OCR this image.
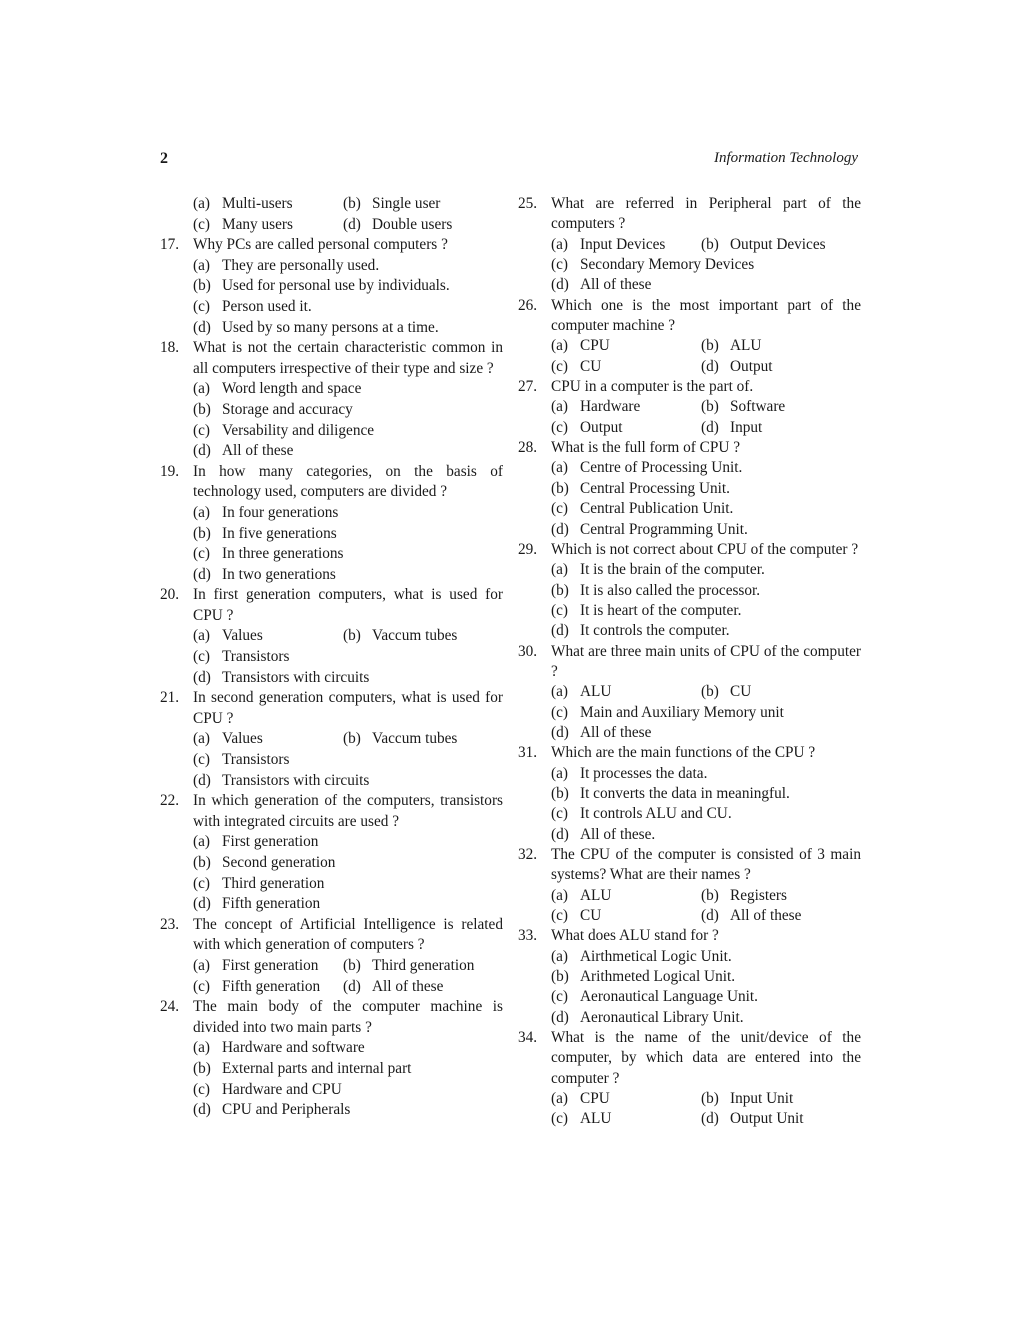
2	Information Technology
(a) Multi-users	(b) Single user
(c) Many users	(d) Double users
17. Why PCs are called personal computers ?
(a) They are personally used.
(b) Used for personal use by individuals.
(c) Person used it.
(d) Used by so many persons at a time.
18. What is not the certain characteristic common in all computers irrespective of their type and size ?
(a) Word length and space
(b) Storage and accuracy
(c) Versability and diligence
(d) All of these
19. In how many categories, on the basis of technology used, computers are divided ?
(a) In four generations
(b) In five generations
(c) In three generations
(d) In two generations
20. In first generation computers, what is used for CPU ?
(a) Values	(b) Vaccum tubes
(c) Transistors
(d) Transistors with circuits
21. In second generation computers, what is used for CPU ?
(a) Values	(b) Vaccum tubes
(c) Transistors
(d) Transistors with circuits
22. In which generation of the computers, transistors with integrated circuits are used ?
(a) First generation
(b) Second generation
(c) Third generation
(d) Fifth generation
23. The concept of Artificial Intelligence is related with which generation of computers ?
(a) First generation (b) Third generation
(c) Fifth generation (d) All of these
24. The main body of the computer machine is divided into two main parts ?
(a) Hardware and software
(b) External parts and internal part
(c) Hardware and CPU
(d) CPU and Peripherals
25. What are referred in Peripheral part of the computers ?
(a) Input Devices (b) Output Devices
(c) Secondary Memory Devices
(d) All of these
26. Which one is the most important part of the computer machine ?
(a) CPU	(b) ALU
(c) CU	(d) Output
27. CPU in a computer is the part of.
(a) Hardware	(b) Software
(c) Output	(d) Input
28. What is the full form of CPU ?
(a) Centre of Processing Unit.
(b) Central Processing Unit.
(c) Central Publication Unit.
(d) Central Programming Unit.
29. Which is not correct about CPU of the computer ?
(a) It is the brain of the computer.
(b) It is also called the processor.
(c) It is heart of the computer.
(d) It controls the computer.
30. What are three main units of CPU of the computer ?
(a) ALU	(b) CU
(c) Main and Auxiliary Memory unit
(d) All of these
31. Which are the main functions of the CPU ?
(a) It processes the data.
(b) It converts the data in meaningful.
(c) It controls ALU and CU.
(d) All of these.
32. The CPU of the computer is consisted of 3 main systems? What are their names ?
(a) ALU	(b) Registers
(c) CU	(d) All of these
33. What does ALU stand for ?
(a) Airthmetical Logic Unit.
(b) Arithmeted Logical Unit.
(c) Aeronautical Language Unit.
(d) Aeronautical Library Unit.
34. What is the name of the unit/device of the computer, by which data are entered into the computer ?
(a) CPU	(b) Input Unit
(c) ALU	(d) Output Unit
